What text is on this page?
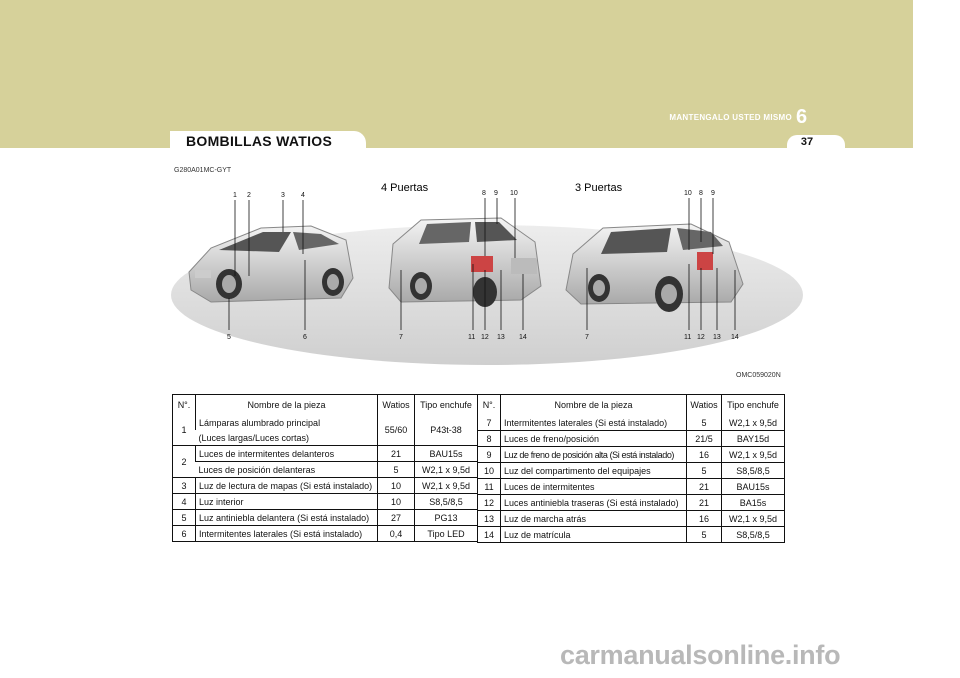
MANTENGALO USTED MISMO 6
37
BOMBILLAS WATIOS
G280A01MC-GYT
4 Puertas	3 Puertas
1 2	3 4
5	6
8 9 10
7	11 12 13 14
10 8 9
7	11 12 13 14
OMC059020N
N°.	Nombre de la pieza	Watios	Tipo enchufe
1	Lámparas alumbrado principal	55/60	P43t-38
	(Luces largas/Luces cortas)		
2	Luces de intermitentes delanteros	21	BAU15s
	Luces de posición delanteras	5	W2,1 x 9,5d
3	Luz de lectura de mapas (Si está instalado)	10	W2,1 x 9,5d
4	Luz interior	10	S8,5/8,5
5	Luz antiniebla delantera (Si está instalado)	27	PG13
6	Intermitentes laterales (Si está instalado)	0,4	Tipo LED
N°.	Nombre de la pieza	Watios	Tipo enchufe
7	Intermitentes laterales (Si está instalado)	5	W2,1 x 9,5d
8	Luces de freno/posición	21/5	BAY15d
9	Luz de freno de posición alta (Si está instalado)	16	W2,1 x 9,5d
10	Luz del compartimento del equipajes	5	S8,5/8,5
11	Luces de intermitentes	21	BAU15s
12	Luces antiniebla traseras (Si está instalado)	21	BA15s
13	Luz de marcha atrás	16	W2,1 x 9,5d
14	Luz de matrícula	5	S8,5/8,5
carmanualsonline.info
